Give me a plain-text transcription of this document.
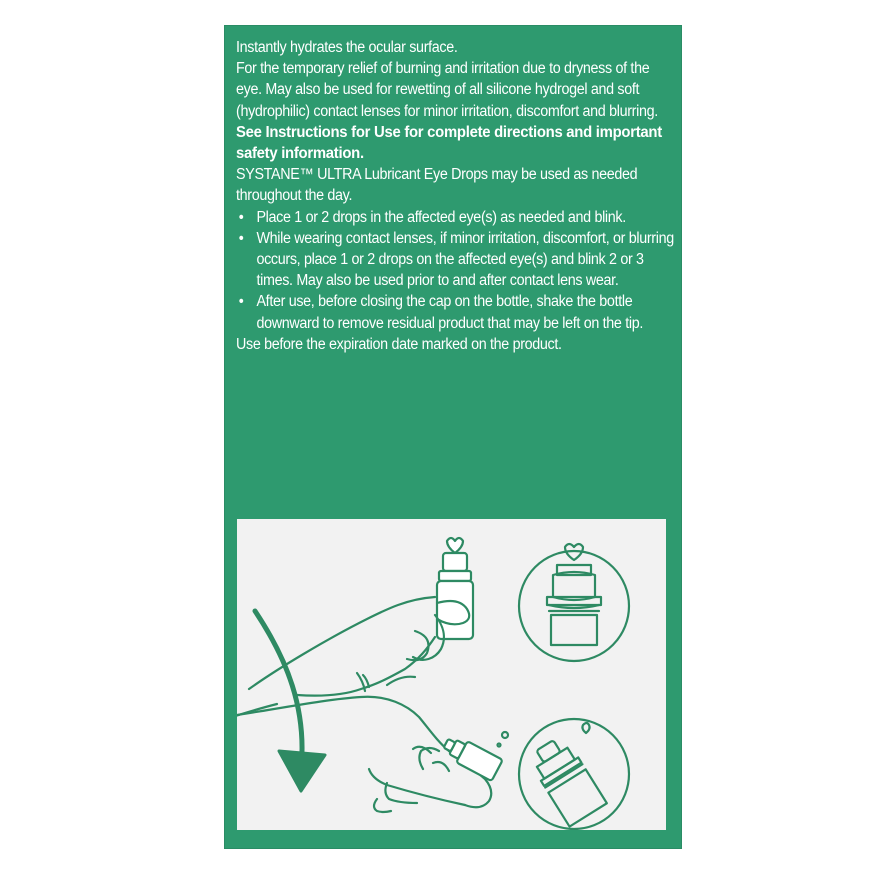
Instantly hydrates the ocular surface.

For the temporary relief of burning and irritation due to dryness of the eye. May also be used for rewetting of all silicone hydrogel and soft (hydrophilic) contact lenses for minor irritation, discomfort and blurring.

See Instructions for Use for complete directions and important safety information.

SYSTANE™ ULTRA Lubricant Eye Drops may be used as needed throughout the day.

• Place 1 or 2 drops in the affected eye(s) as needed and blink.
• While wearing contact lenses, if minor irritation, discomfort, or blurring occurs, place 1 or 2 drops on the affected eye(s) and blink 2 or 3 times. May also be used prior to and after contact lens wear.
• After use, before closing the cap on the bottle, shake the bottle downward to remove residual product that may be left on the tip.

Use before the expiration date marked on the product.
